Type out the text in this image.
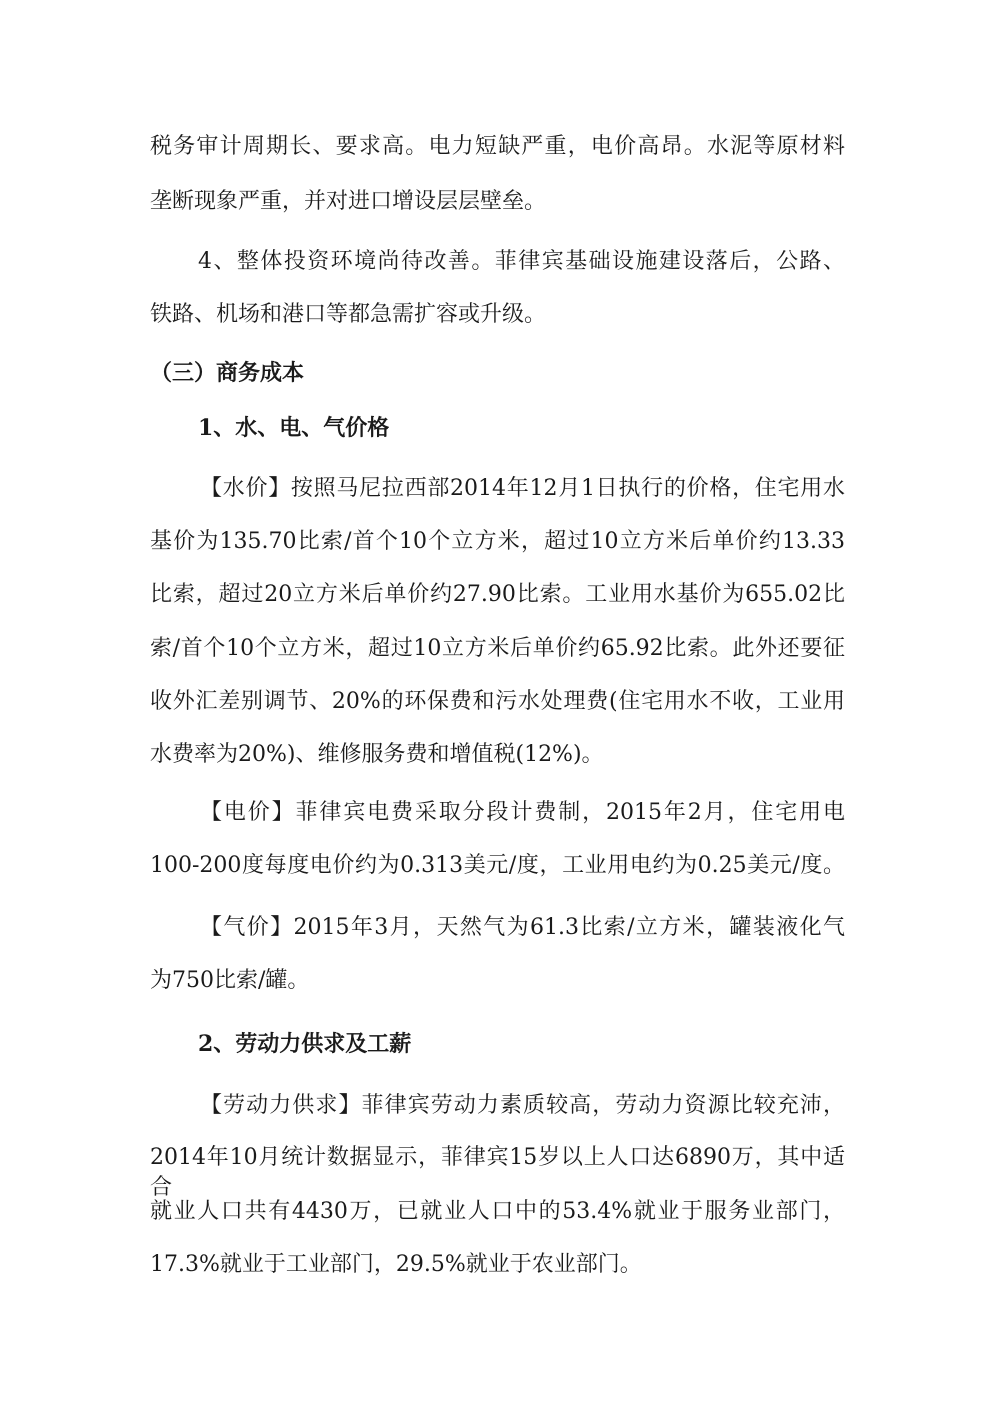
税务审计周期长、要求高。电力短缺严重，电价高昂。水泥等原材料
垄断现象严重，并对进口增设层层壁垒。
4、整体投资环境尚待改善。菲律宾基础设施建设落后，公路、
铁路、机场和港口等都急需扩容或升级。
（三）商务成本
1、水、电、气价格
【水价】按照马尼拉西部2014年12月1日执行的价格，住宅用水
基价为135.70比索/首个10个立方米，超过10立方米后单价约13.33
比索，超过20立方米后单价约27.90比索。工业用水基价为655.02比
索/首个10个立方米，超过10立方米后单价约65.92比索。此外还要征
收外汇差别调节、20%的环保费和污水处理费(住宅用水不收，工业用
水费率为20%)、维修服务费和增值税(12%)。
【电价】菲律宾电费采取分段计费制，2015年2月，住宅用电
100-200度每度电价约为0.313美元/度，工业用电约为0.25美元/度。
【气价】2015年3月，天然气为61.3比索/立方米，罐装液化气
为750比索/罐。
2、劳动力供求及工薪
【劳动力供求】菲律宾劳动力素质较高，劳动力资源比较充沛，
2014年10月统计数据显示，菲律宾15岁以上人口达6890万，其中适合
就业人口共有4430万，已就业人口中的53.4%就业于服务业部门，
17.3%就业于工业部门，29.5%就业于农业部门。
